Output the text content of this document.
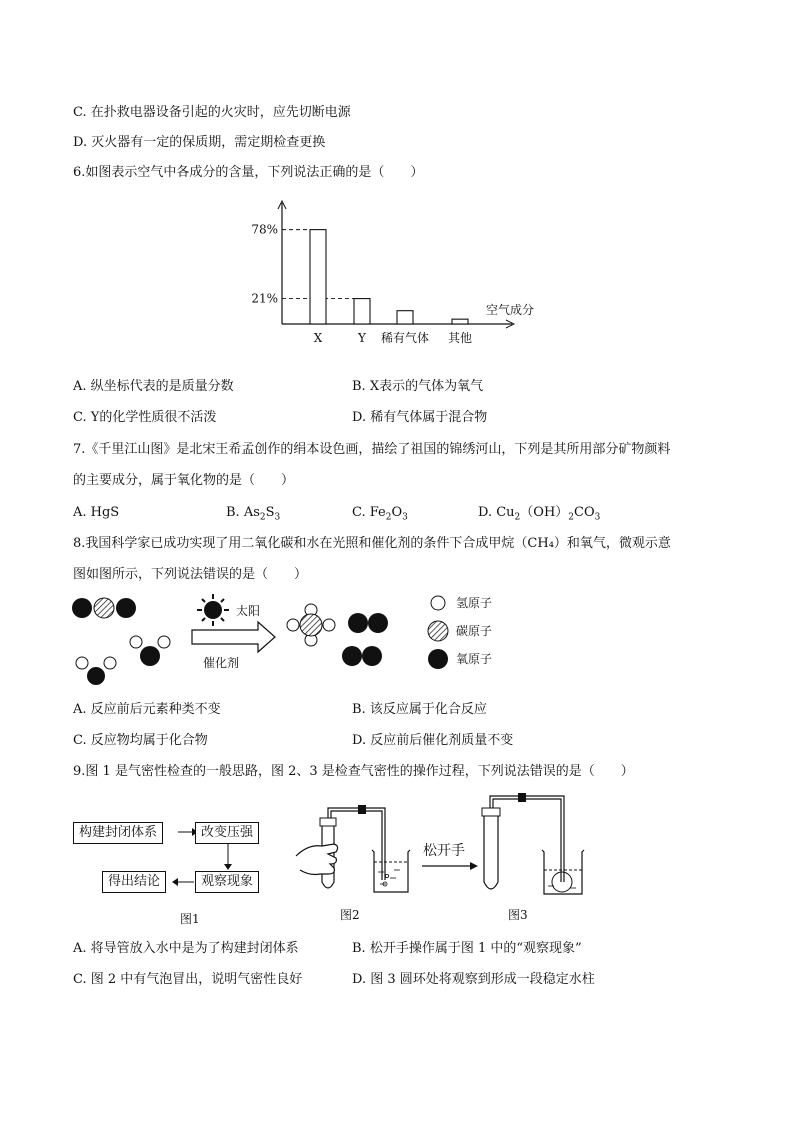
C. 在扑救电器设备引起的火灾时，应先切断电源
D. 灭火器有一定的保质期，需定期检查更换
6.如图表示空气中各成分的含量，下列说法正确的是（　　）
空气成分
78%
21%
X	Y 稀有气体 其他
A. 纵坐标代表的是质量分数	B. X表示的气体为氧气
C. Y的化学性质很不活泼	D. 稀有气体属于混合物
7.《千里江山图》是北宋王希孟创作的绢本设色画，描绘了祖国的锦绣河山，下列是其所用部分矿物颜料
的主要成分，属于氧化物的是（　　）
A. HgS	B. $As_2S_3$	C. $Fe_2O_3$	D. $Cu_2(OH)_2CO_3$
8.我国科学家已成功实现了用二氧化碳和水在光照和催化剂的条件下合成甲烷（CH₄）和氧气，微观示意
图如图所示，下列说法错误的是（　　）
太阳
催化剂
氢原子
碳原子
氧原子
A. 反应前后元素种类不变	B. 该反应属于化合反应
C. 反应物均属于化合物	D. 反应前后催化剂质量不变
9.图 1 是气密性检查的一般思路，图 2、3 是检查气密性的操作过程，下列说法错误的是（　　）
构建封闭体系	改变压强
观察现象
得出结论
图1	图2
松开手
图3
A. 将导管放入水中是为了构建封闭体系	B. 松开手操作属于图 1 中的“观察现象”
C. 图 2 中有气泡冒出，说明气密性良好	D. 图 3 圆环处将观察到形成一段稳定水柱
